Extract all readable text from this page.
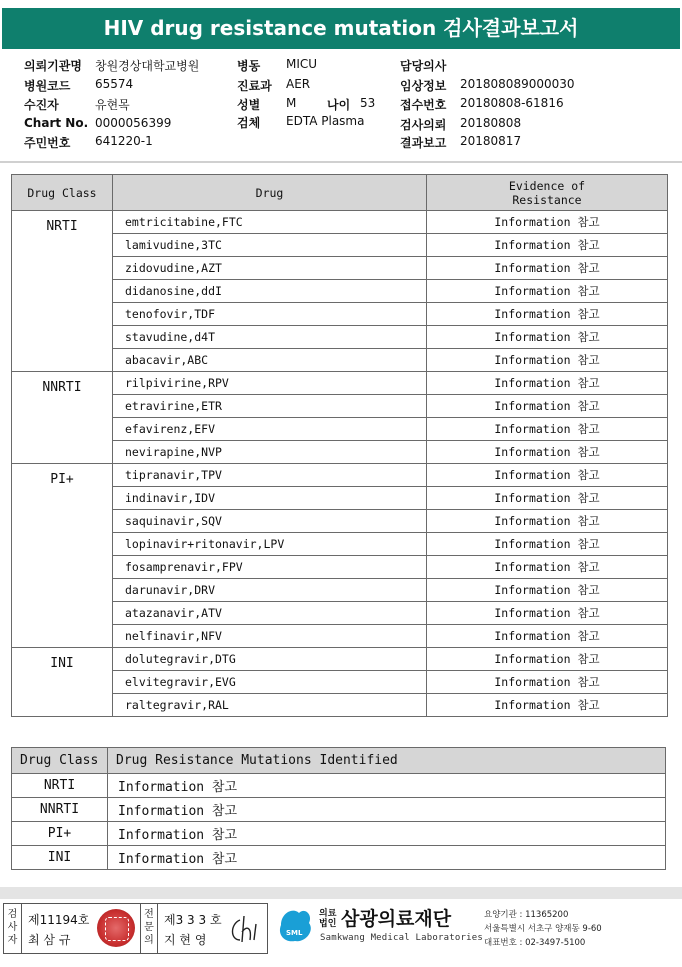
HIV drug resistance mutation 검사결과보고서
의뢰기관명 창원경상대학교병원
병원코드 65574
수진자	유현목
Chart No. 0000056399
주민번호 641220-1
병동 MICU
진료과 AER
성별 M	나이 53
검체 EDTA Plasma
담당의사
임상정보 201808089000030
접수번호 20180808-61816
검사의뢰 20180808
결과보고 20180817
Drug Class	Drug	Evidence of
Resistance
NRTI	emtricitabine,FTC	Information 참고
	lamivudine,3TC	Information 참고
	zidovudine,AZT	Information 참고
	didanosine,ddI	Information 참고
	tenofovir,TDF	Information 참고
	stavudine,d4T	Information 참고
	abacavir,ABC	Information 참고
NNRTI	rilpivirine,RPV	Information 참고
	etravirine,ETR	Information 참고
	efavirenz,EFV	Information 참고
	nevirapine,NVP	Information 참고
PI+	tipranavir,TPV	Information 참고
	indinavir,IDV	Information 참고
	saquinavir,SQV	Information 참고
	lopinavir+ritonavir,LPV	Information 참고
	fosamprenavir,FPV	Information 참고
	darunavir,DRV	Information 참고
	atazanavir,ATV	Information 참고
	nelfinavir,NFV	Information 참고
INI	dolutegravir,DTG	Information 참고
	elvitegravir,EVG	Information 참고
	raltegravir,RAL	Information 참고
Drug Class	Drug Resistance Mutations Identified
NRTI	Information 참고
NNRTI	Information 참고
PI+	Information 참고
INI	Information 참고
검
사
자
제11194호
최 삼 규
전
문
의
제3 3 3 호
지 현 영	SML
의료법인 삼광의료재단
Samkwang Medical Laboratories
요양기관 : 11365200
서울특별시 서초구 양재동 9-60
대표번호 : 02-3497-5100
